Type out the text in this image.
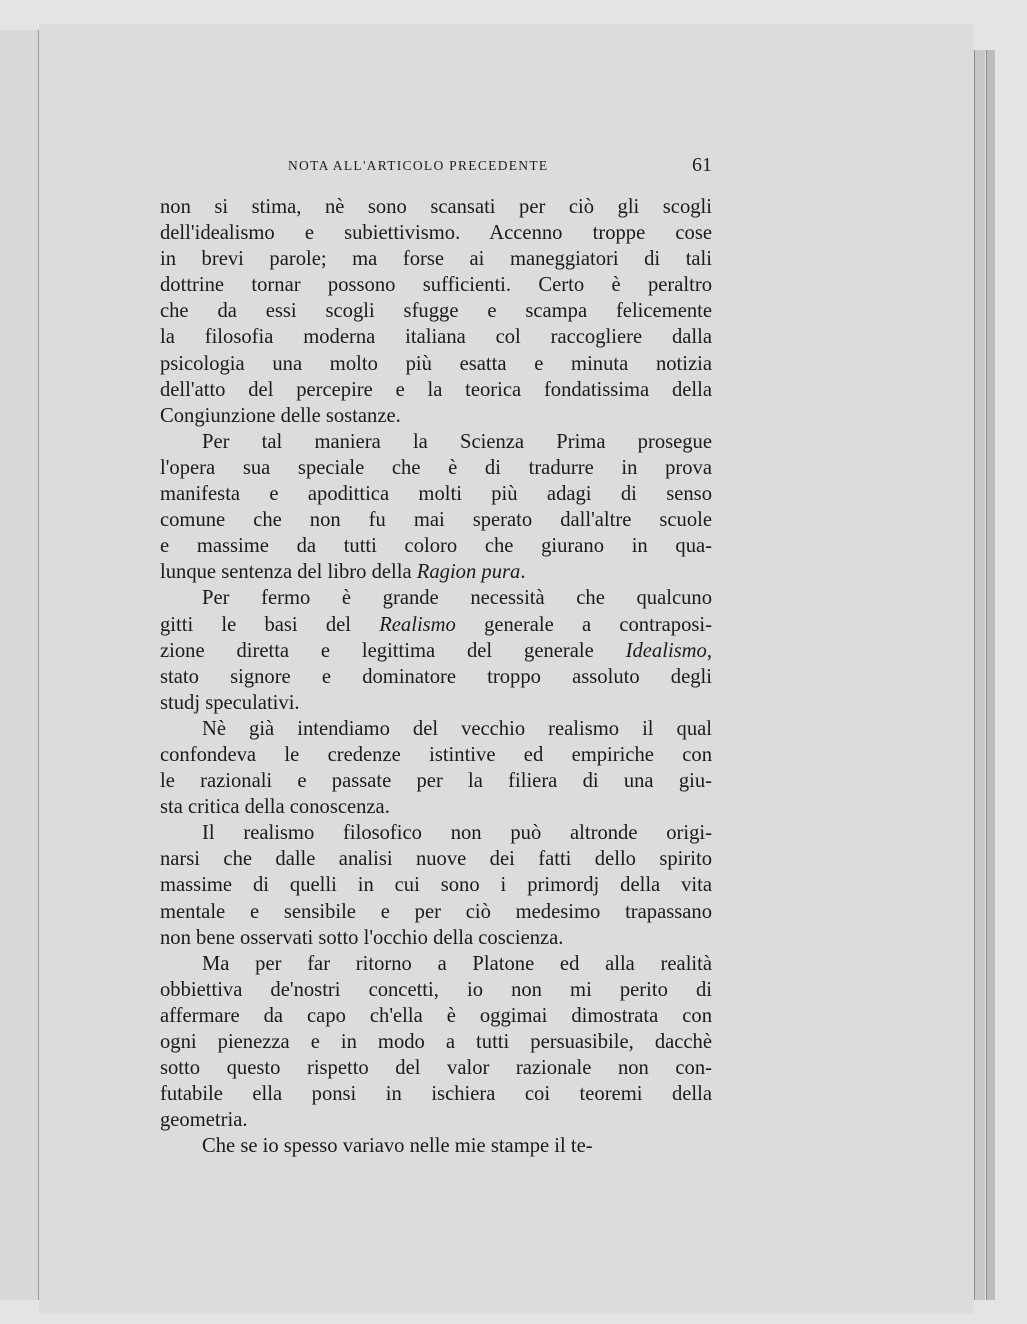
NOTA ALL'ARTICOLO PRECEDENTE	61
non si stima, nè sono scansati per ciò gli scogli
dell'idealismo e subiettivismo. Accenno troppe cose
in brevi parole; ma forse ai maneggiatori di tali
dottrine tornar possono sufficienti. Certo è peraltro
che da essi scogli sfugge e scampa felicemente
la filosofia moderna italiana col raccogliere dalla
psicologia una molto più esatta e minuta notizia
dell'atto del percepire e la teorica fondatissima della
Congiunzione delle sostanze.
Per tal maniera la Scienza Prima prosegue
l'opera sua speciale che è di tradurre in prova
manifesta e apodittica molti più adagi di senso
comune che non fu mai sperato dall'altre scuole
e massime da tutti coloro che giurano in qua-
lunque sentenza del libro della Ragion pura.
Per fermo è grande necessità che qualcuno
gitti le basi del Realismo generale a contraposi-
zione diretta e legittima del generale Idealismo,
stato signore e dominatore troppo assoluto degli
studj speculativi.
Nè già intendiamo del vecchio realismo il qual
confondeva le credenze istintive ed empiriche con
le razionali e passate per la filiera di una giu-
sta critica della conoscenza.
Il realismo filosofico non può altronde origi-
narsi che dalle analisi nuove dei fatti dello spirito
massime di quelli in cui sono i primordj della vita
mentale e sensibile e per ciò medesimo trapassano
non bene osservati sotto l'occhio della coscienza.
Ma per far ritorno a Platone ed alla realità
obbiettiva de'nostri concetti, io non mi perito di
affermare da capo ch'ella è oggimai dimostrata con
ogni pienezza e in modo a tutti persuasibile, dacchè
sotto questo rispetto del valor razionale non con-
futabile ella ponsi in ischiera coi teoremi della
geometria.
Che se io spesso variavo nelle mie stampe il te-
